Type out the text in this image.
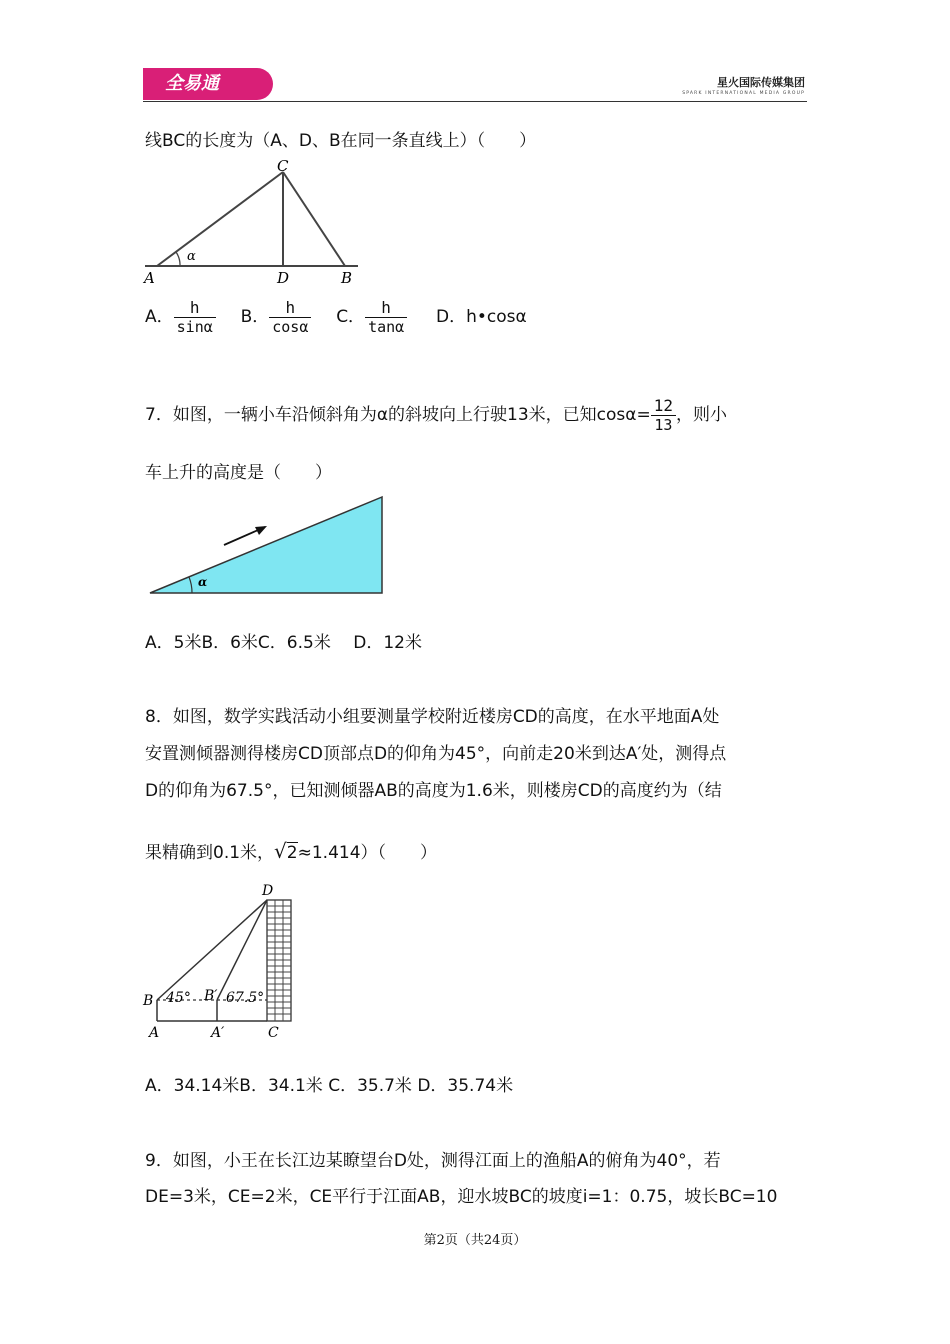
全易通	星火国际传媒集团
SPARK INTERNATIONAL MEDIA GROUP
线BC的长度为（A、D、B在同一条直线上）（　　）
C
A	D	B
α
A． $\frac{h}{\sin\alpha}$ B． $\frac{h}{\cos\alpha}$ C． $\frac{h}{\tan\alpha}$ D．h•cosα
7．如图，一辆小车沿倾斜角为α的斜坡向上行驶13米，已知$\cos\alpha= \frac{12}{13}$ ，则小
车上升的高度是（　　）
α
A．5米B．6米C．6.5米　 D．12米
8．如图，数学实践活动小组要测量学校附近楼房CD的高度，在水平地面A处
安置测倾器测得楼房CD顶部点D的仰角为45°，向前走20米到达A′处，测得点
D的仰角为67.5°，已知测倾器AB的高度为1.6米，则楼房CD的高度约为（结
果精确到0.1米，√2≈1.414）（　　）
D
B 45° B′ 67.5°
A	A′	C
A．34.14米B．34.1米 C．35.7米 D．35.74米
9．如图，小王在长江边某瞭望台D处，测得江面上的渔船A的俯角为40°，若
DE=3米，CE=2米，CE平行于江面AB，迎水坡BC的坡度i=1：0.75，坡长BC=10
第2页（共24页）
